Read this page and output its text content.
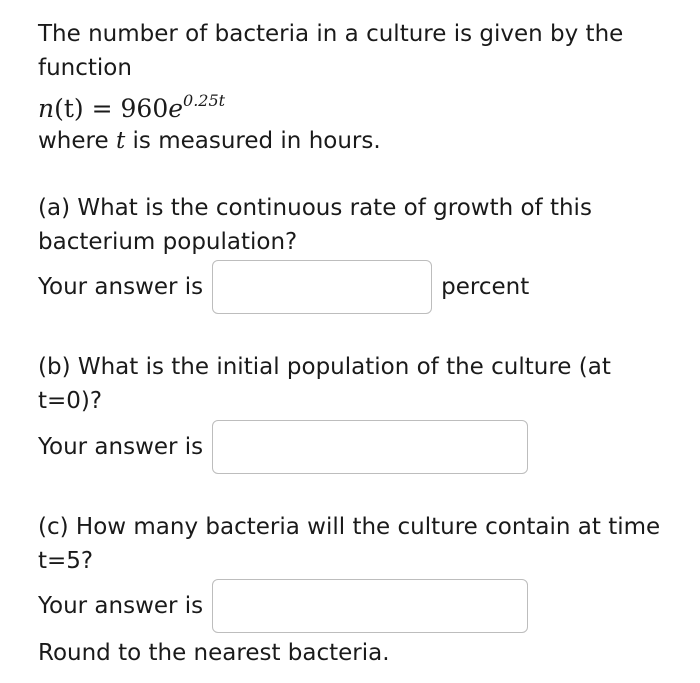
The number of bacteria in a culture is given by the
function
$n(t) = 960e^{0.25t}$
where t is measured in hours.
(a) What is the continuous rate of growth of this
bacterium population?
Your answer is	percent
(b) What is the initial population of the culture (at
t=0)?
Your answer is
(c) How many bacteria will the culture contain at time
t=5?
Your answer is
Round to the nearest bacteria.
